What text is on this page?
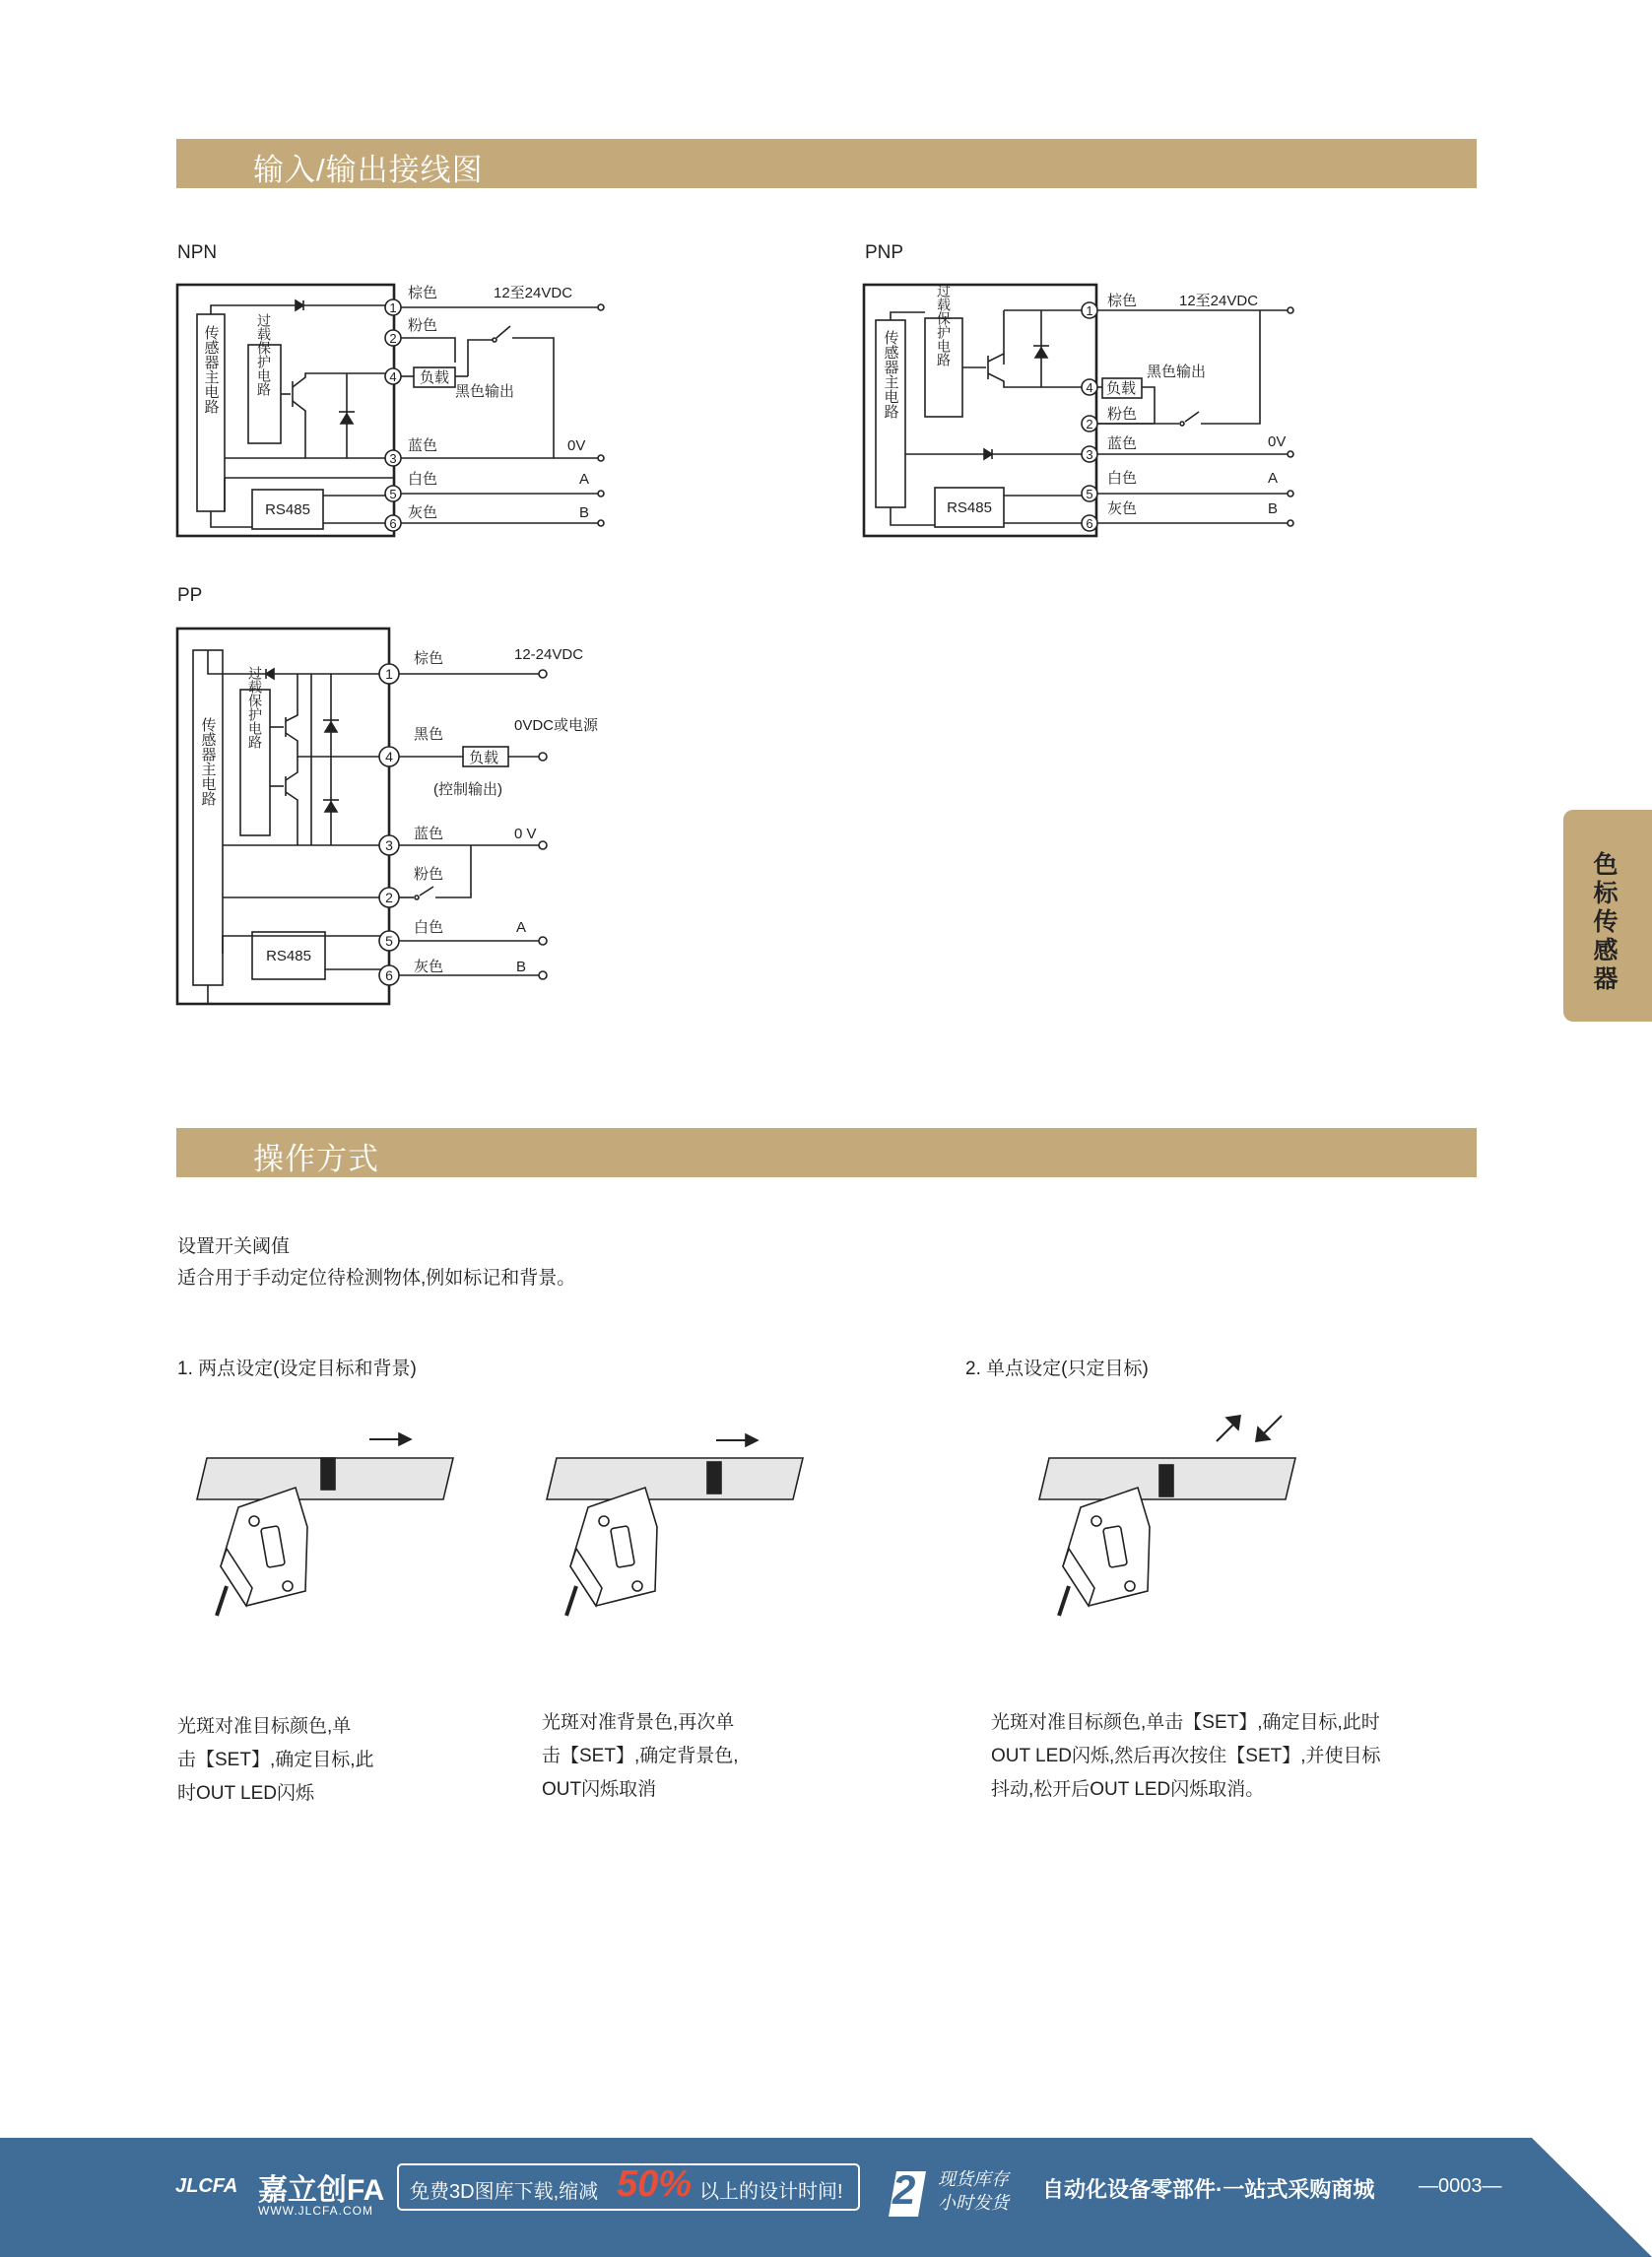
输入/输出接线图
NPN
传感器主电路	过载保护电路
RS485
1
2
4
3
5
6
棕色
粉色
负载
黑色输出
12至24VDC
蓝色	0V
白色	A
灰色	B
PNP
传感器主电路
过载保护电路
RS485
1
4
2
3
5
6
棕色	12至24VDC
负载
黑色输出
粉色
蓝色	0V
白色	A
灰色	B
PP
传感器主电路
过载保护电路
RS485
1
4
3
2
5
6
棕色	12-24VDC
黑色
0VDC或电源
负载
(控制输出)
蓝色	0 V
粉色
白色	A
灰色	B
色标传感器
操作方式
设置开关阈值
适合用于手动定位待检测物体,例如标记和背景。
1. 两点设定(设定目标和背景)	2. 单点设定(只定目标)
光斑对准目标颜色,单
击【SET】,确定目标,此
时OUT LED闪烁
光斑对准背景色,再次单
击【SET】,确定背景色,
OUT闪烁取消
光斑对准目标颜色,单击【SET】,确定目标,此时
OUT LED闪烁,然后再次按住【SET】,并使目标
抖动,松开后OUT LED闪烁取消。
JLCFA 嘉立创FA
WWW.JLCFA.COM
免费3D图库下载,缩减 50% 以上的设计时间! 2 现货库存
小时发货
自动化设备零部件·一站式采购商城 —0003—
